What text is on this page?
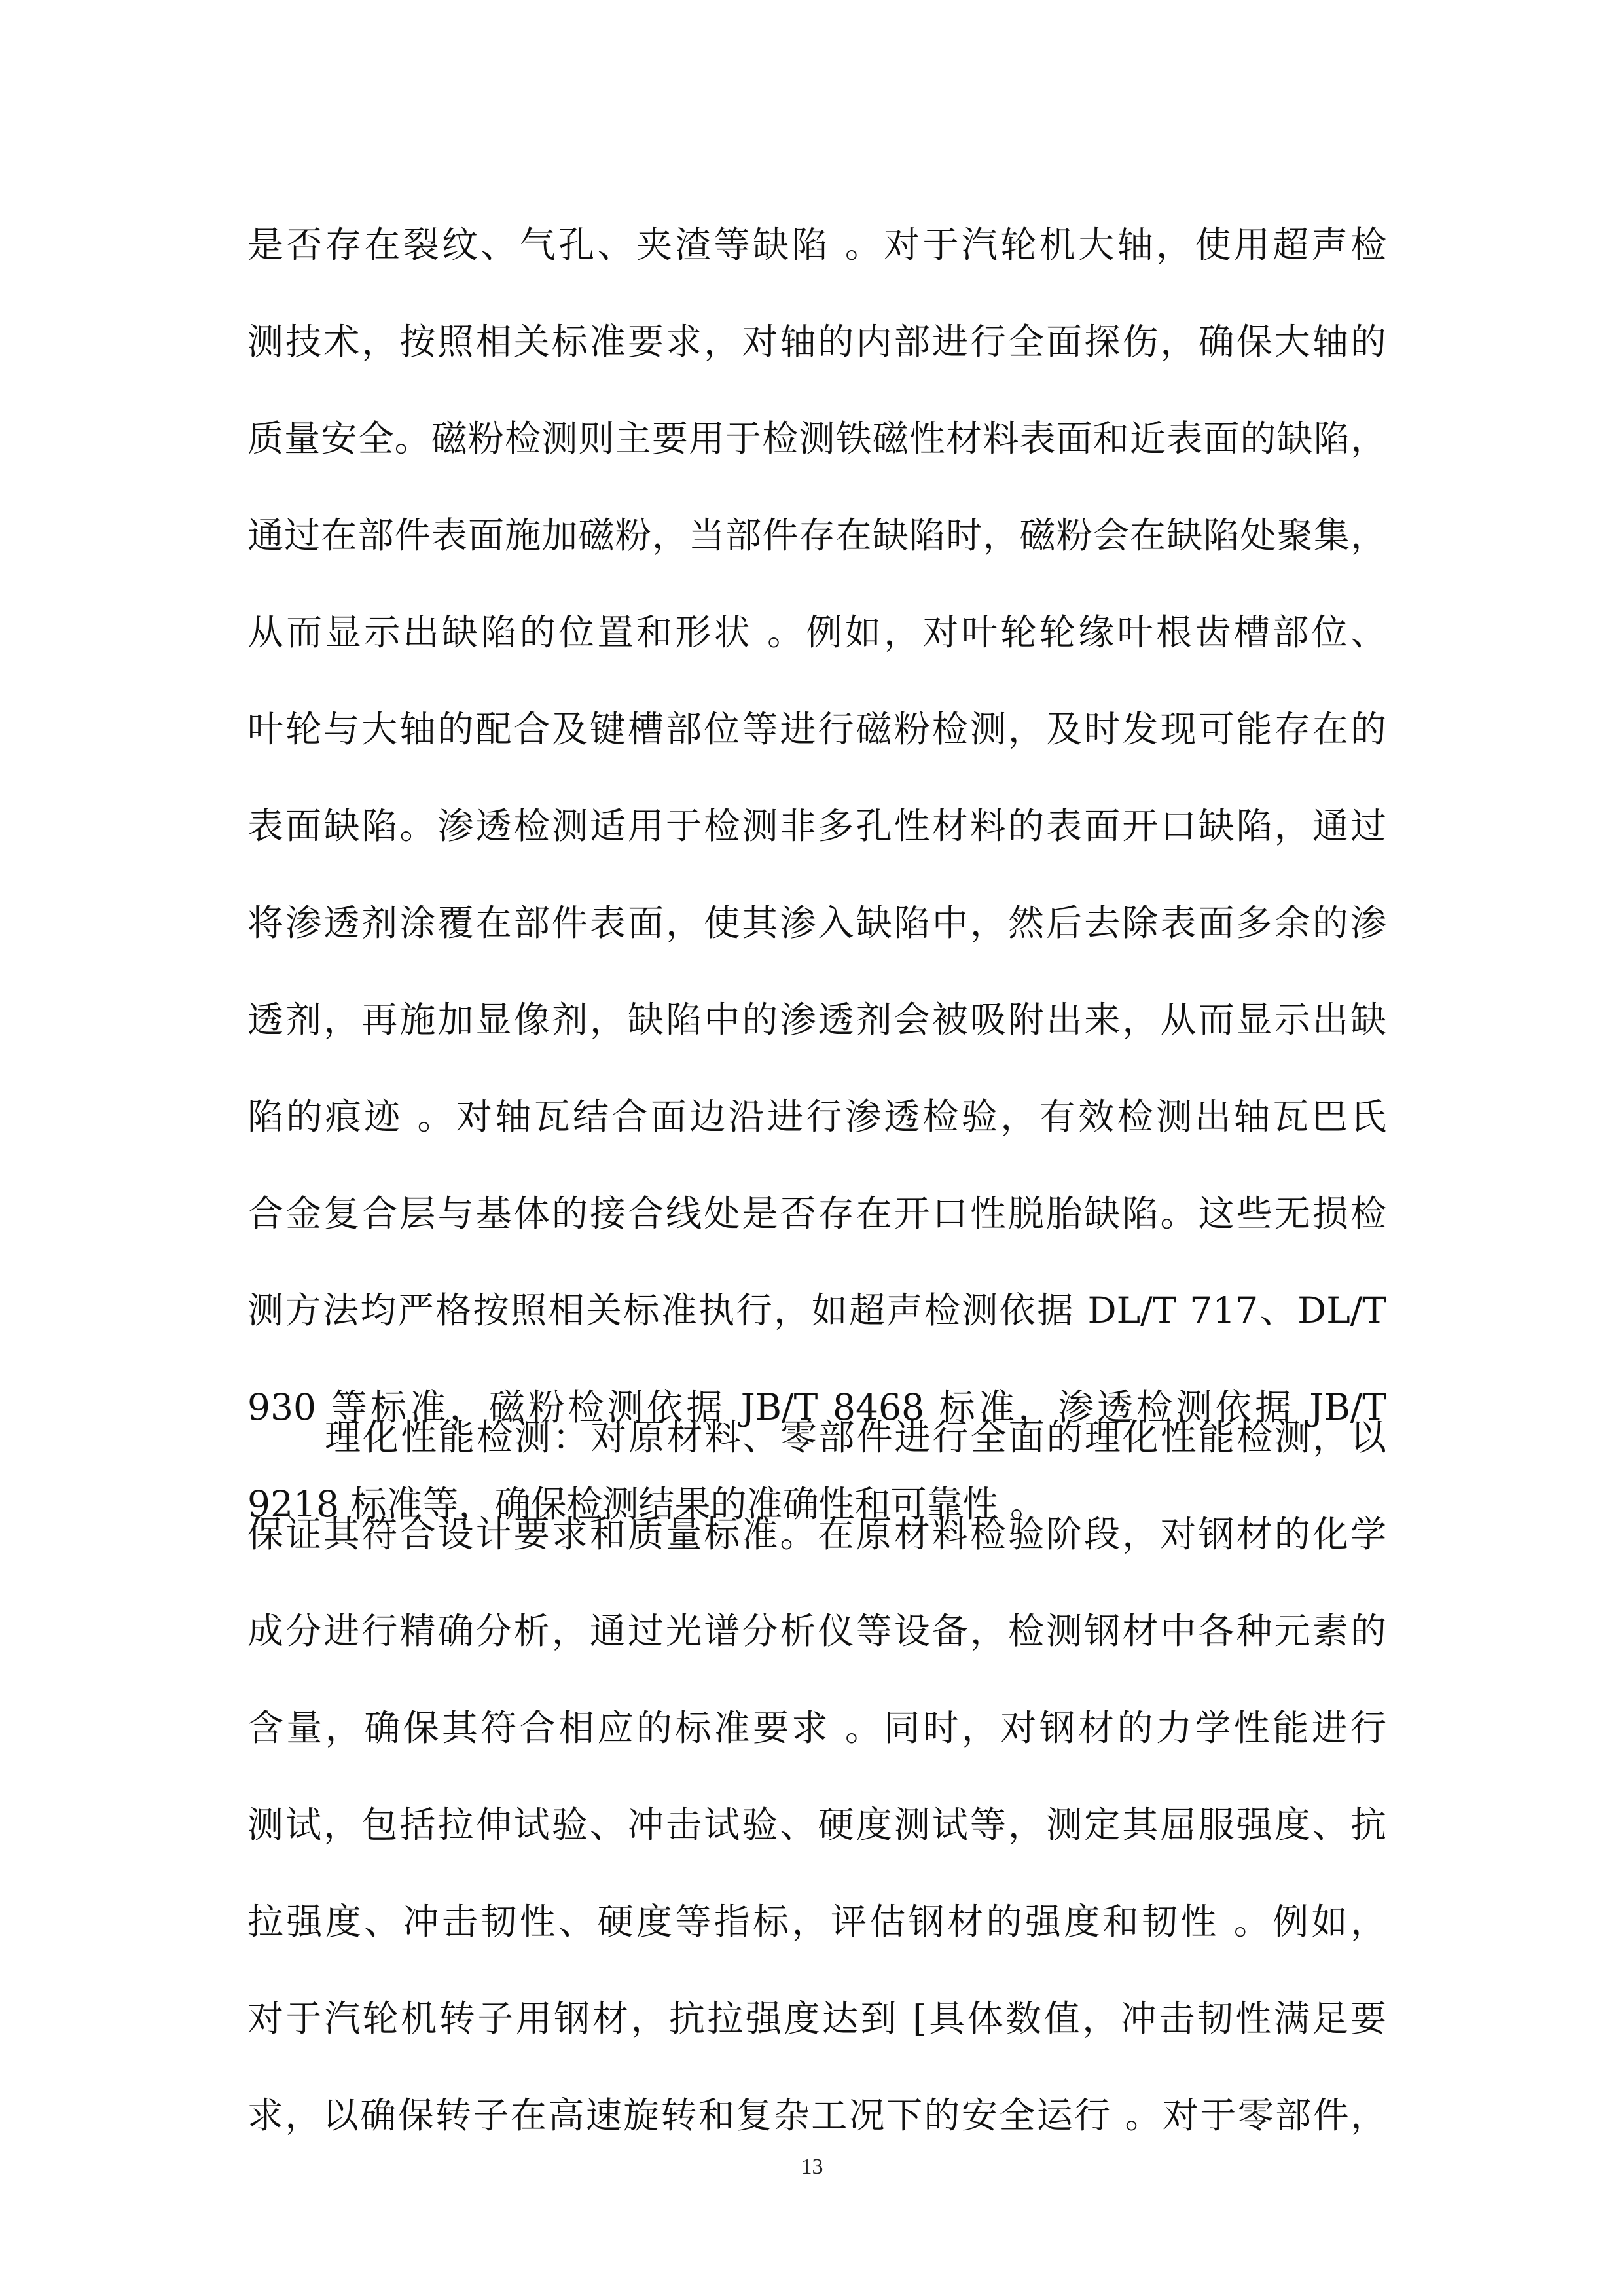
是否存在裂纹、气孔、夹渣等缺陷 。对于汽轮机大轴，使用超声检
测技术，按照相关标准要求，对轴的内部进行全面探伤，确保大轴的
质量安全。磁粉检测则主要用于检测铁磁性材料表面和近表面的缺陷，
通过在部件表面施加磁粉，当部件存在缺陷时，磁粉会在缺陷处聚集，
从而显示出缺陷的位置和形状 。例如，对叶轮轮缘叶根齿槽部位、
叶轮与大轴的配合及键槽部位等进行磁粉检测，及时发现可能存在的
表面缺陷。渗透检测适用于检测非多孔性材料的表面开口缺陷，通过
将渗透剂涂覆在部件表面，使其渗入缺陷中，然后去除表面多余的渗
透剂，再施加显像剂，缺陷中的渗透剂会被吸附出来，从而显示出缺
陷的痕迹 。对轴瓦结合面边沿进行渗透检验，有效检测出轴瓦巴氏
合金复合层与基体的接合线处是否存在开口性脱胎缺陷。这些无损检
测方法均严格按照相关标准执行，如超声检测依据 DL/T 717、DL/T
930 等标准，磁粉检测依据 JB/T 8468 标准，渗透检测依据 JB/T
9218 标准等，确保检测结果的准确性和可靠性 。
理化性能检测：对原材料、零部件进行全面的理化性能检测，以
保证其符合设计要求和质量标准。在原材料检验阶段，对钢材的化学
成分进行精确分析，通过光谱分析仪等设备，检测钢材中各种元素的
含量，确保其符合相应的标准要求 。同时，对钢材的力学性能进行
测试，包括拉伸试验、冲击试验、硬度测试等，测定其屈服强度、抗
拉强度、冲击韧性、硬度等指标，评估钢材的强度和韧性 。例如，
对于汽轮机转子用钢材，抗拉强度达到 [具体数值，冲击韧性满足要
求，以确保转子在高速旋转和复杂工况下的安全运行 。对于零部件，
13
